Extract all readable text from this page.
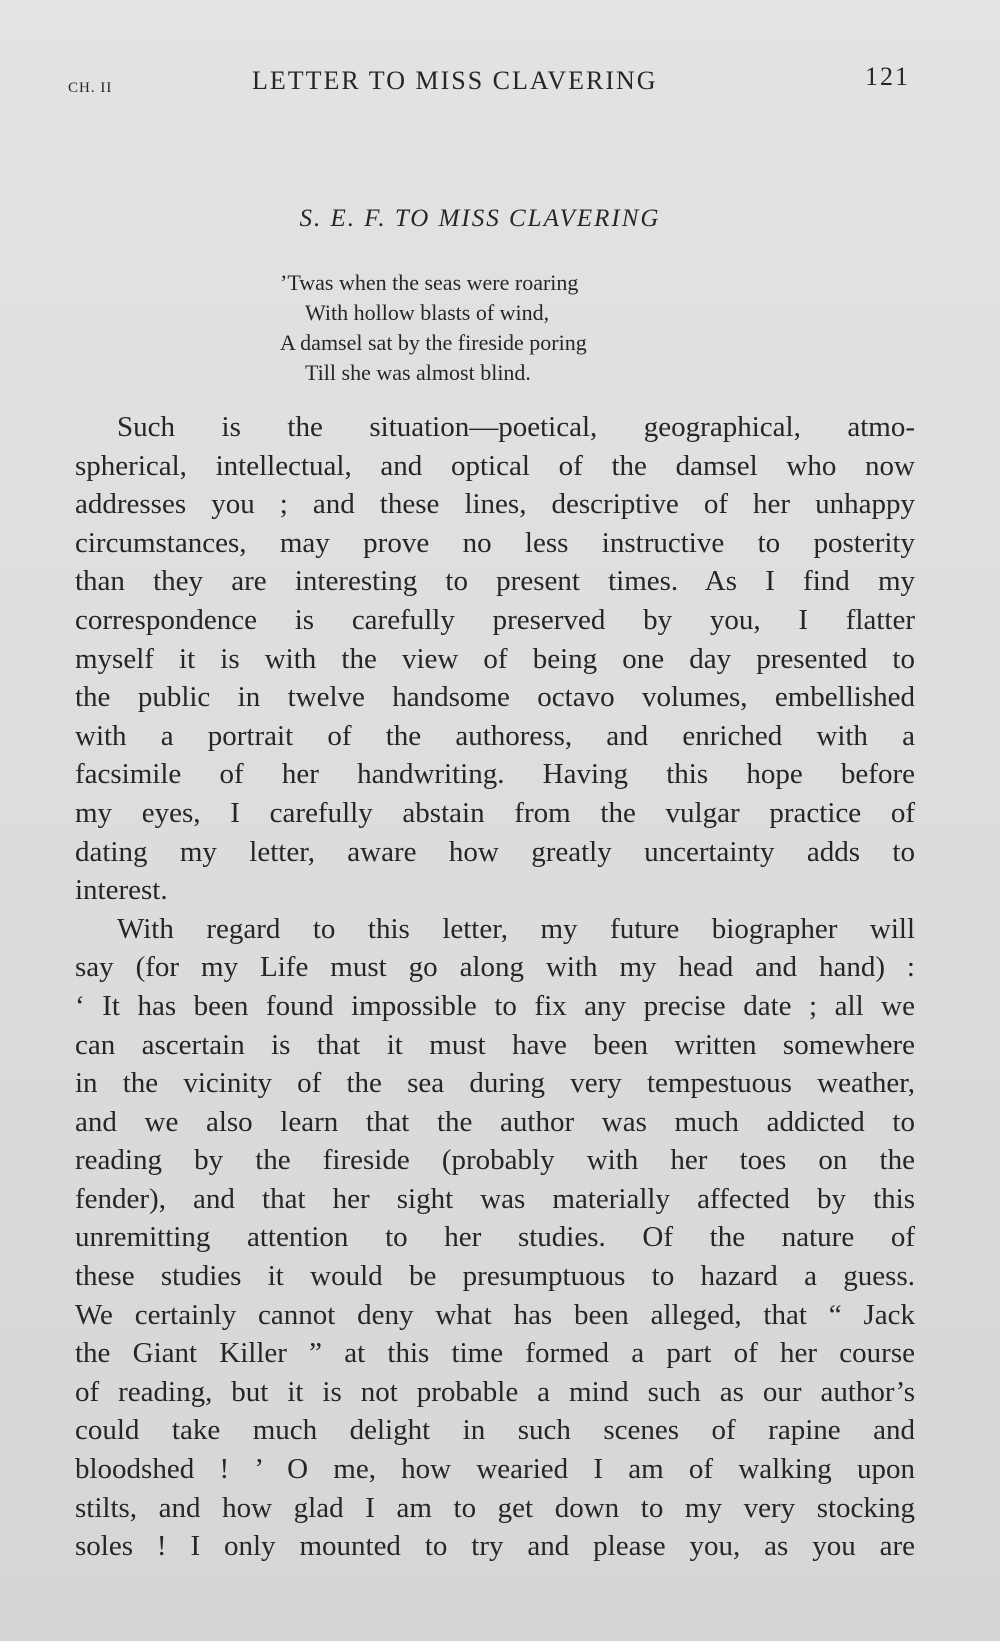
CH. II	LETTER TO MISS CLAVERING	121
S. E. F. TO MISS CLAVERING
’Twas when the seas were roaring
With hollow blasts of wind,
A damsel sat by the fireside poring
Till she was almost blind.
Such is the situation—poetical, geographical, atmo-
spherical, intellectual, and optical of the damsel who now
addresses you ; and these lines, descriptive of her unhappy
circumstances, may prove no less instructive to posterity
than they are interesting to present times. As I find my
correspondence is carefully preserved by you, I flatter
myself it is with the view of being one day presented to
the public in twelve handsome octavo volumes, embellished
with a portrait of the authoress, and enriched with a
facsimile of her handwriting. Having this hope before
my eyes, I carefully abstain from the vulgar practice of
dating my letter, aware how greatly uncertainty adds to
interest.
With regard to this letter, my future biographer will
say (for my Life must go along with my head and hand) :
‘ It has been found impossible to fix any precise date ; all we
can ascertain is that it must have been written somewhere
in the vicinity of the sea during very tempestuous weather,
and we also learn that the author was much addicted to
reading by the fireside (probably with her toes on the
fender), and that her sight was materially affected by this
unremitting attention to her studies. Of the nature of
these studies it would be presumptuous to hazard a guess.
We certainly cannot deny what has been alleged, that “ Jack
the Giant Killer ” at this time formed a part of her course
of reading, but it is not probable a mind such as our author’s
could take much delight in such scenes of rapine and
bloodshed ! ’ O me, how wearied I am of walking upon
stilts, and how glad I am to get down to my very stocking
soles ! I only mounted to try and please you, as you are
